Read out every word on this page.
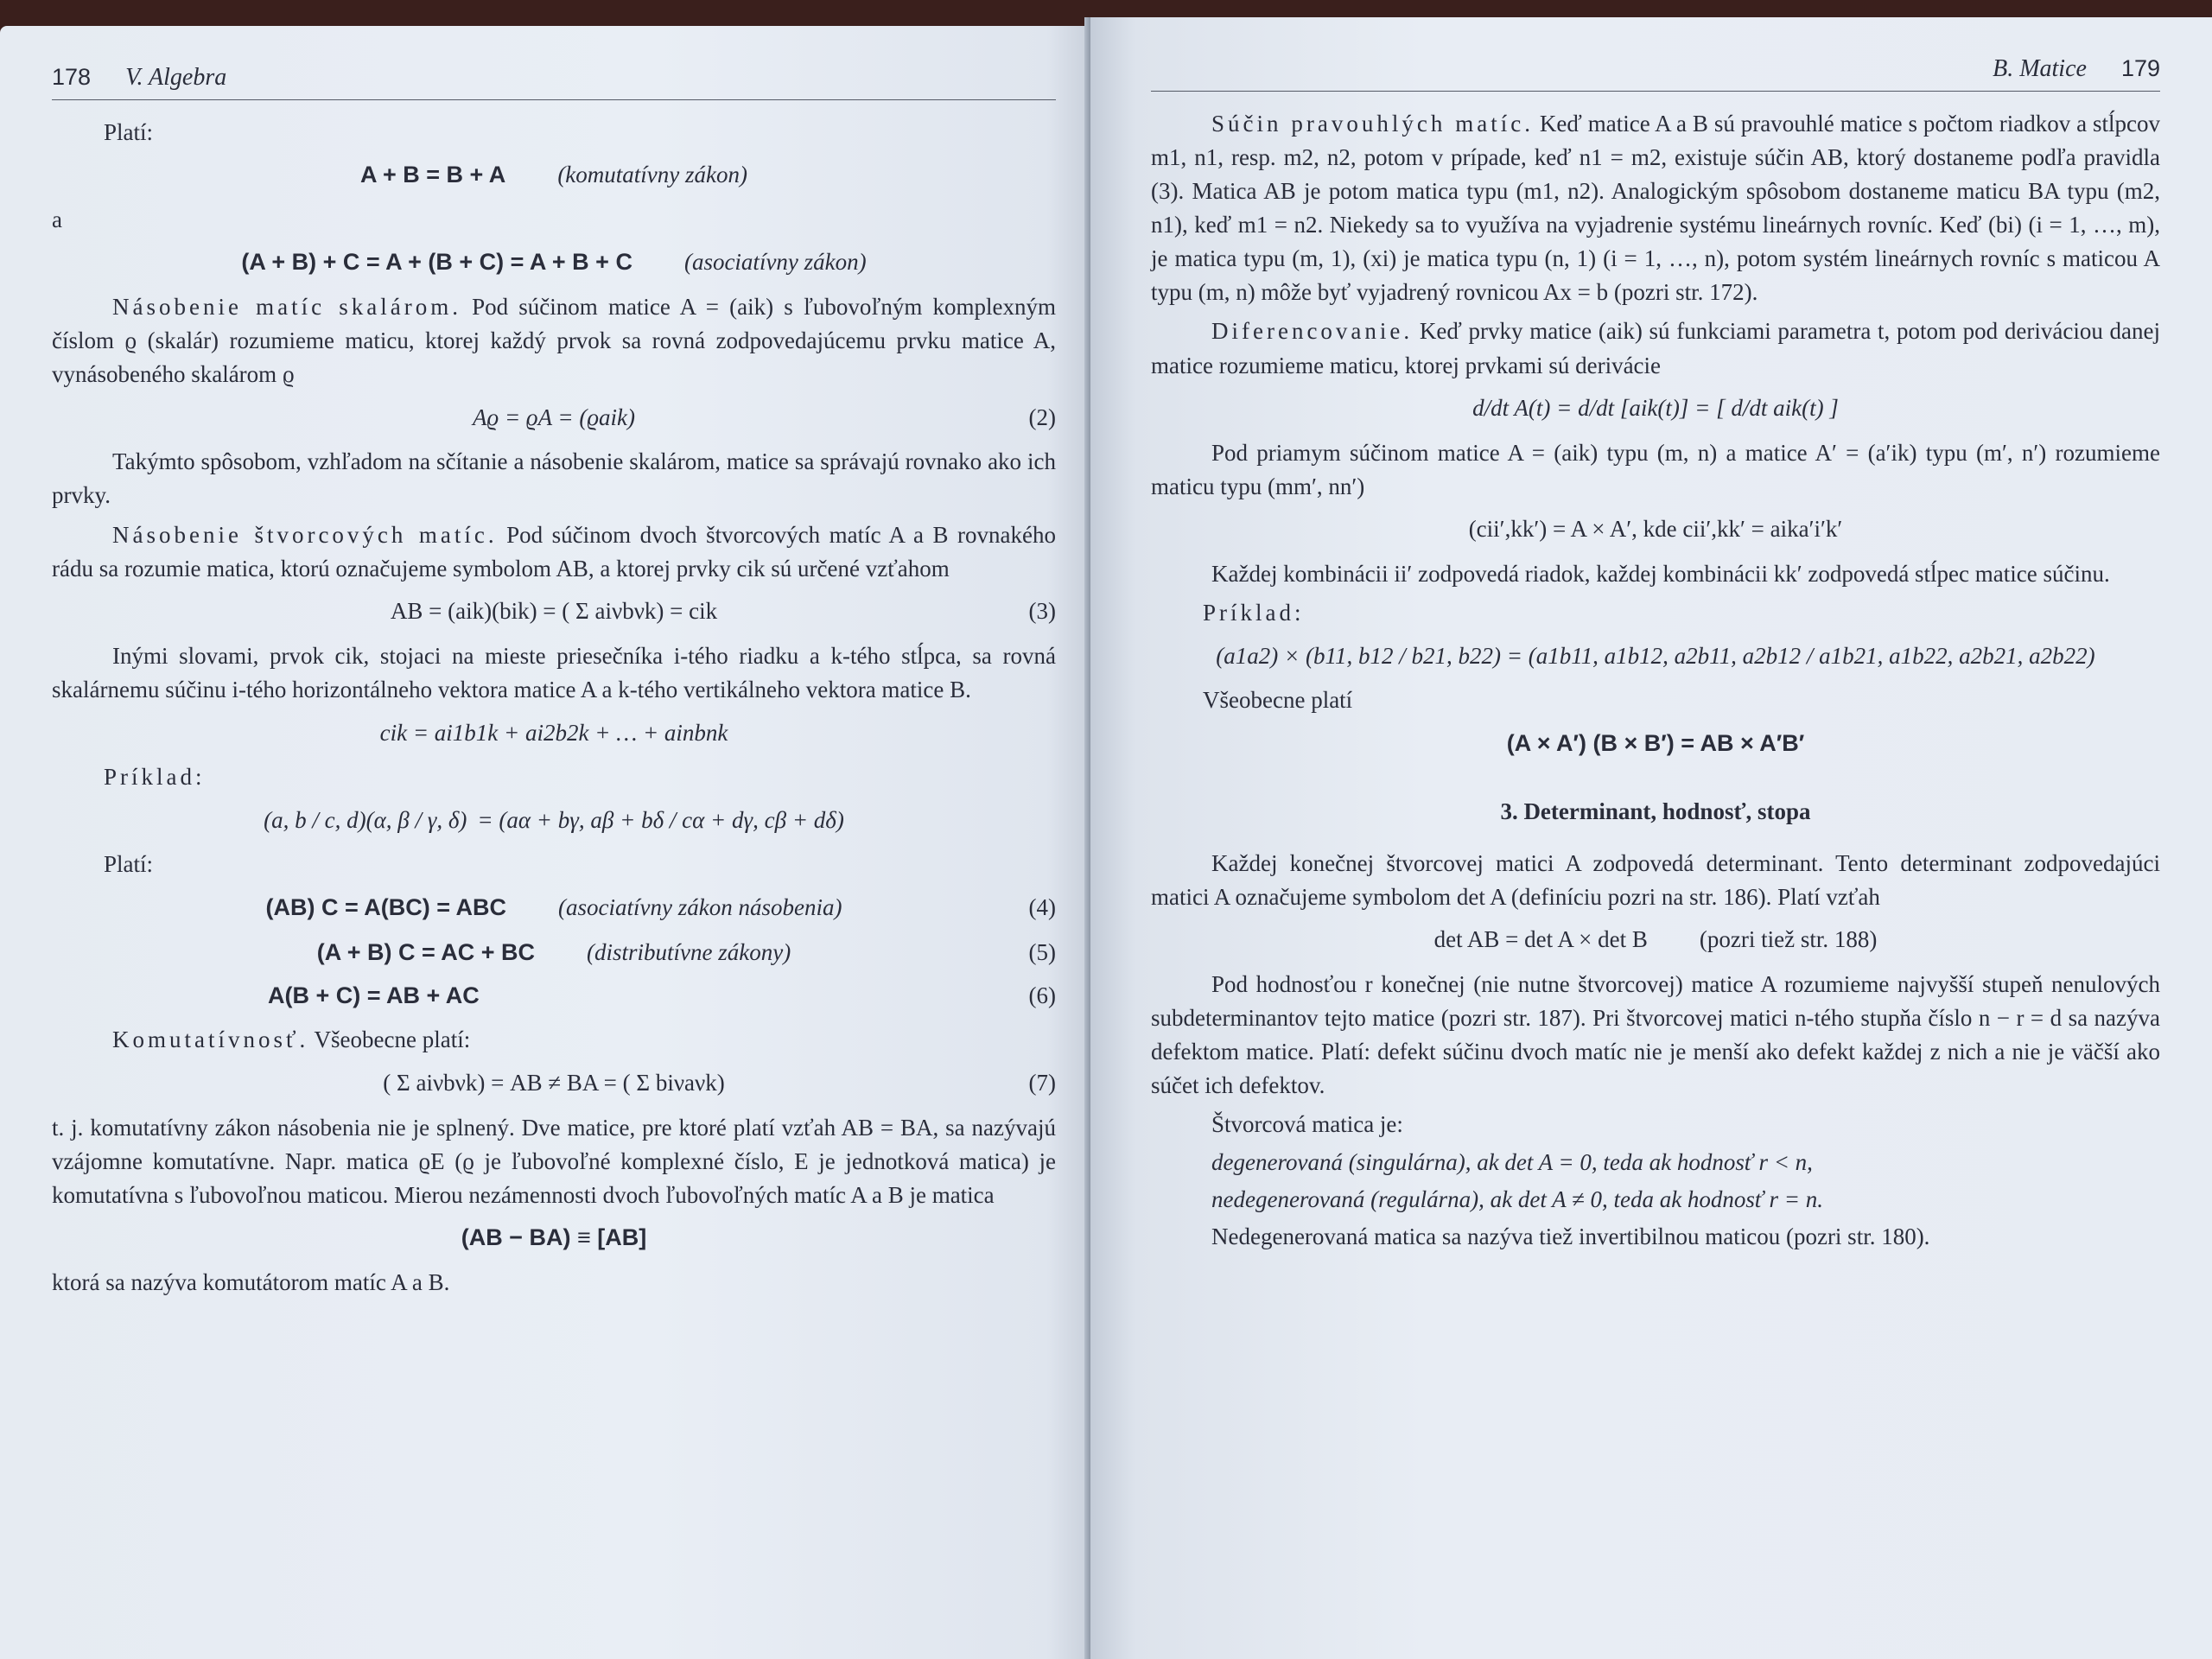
178 V. Algebra

Platí:

A + B = B + A (komutatívny zákon)

a

(A + B) + C = A + (B + C) = A + B + C (asociatívny zákon)

Násobenie matíc skalárom. Pod súčinom matice A = (aik) s ľubovoľným komplexným číslom ϱ (skalár) rozumieme maticu, ktorej každý prvok sa rovná zodpovedajúcemu prvku matice A, vynásobeného skalárom ϱ

Aϱ = ϱA = (ϱaik)	(2)

Takýmto spôsobom, vzhľadom na sčítanie a násobenie skalárom, matice sa správajú rovnako ako ich prvky.

Násobenie štvorcových matíc. Pod súčinom dvoch štvorcových matíc A a B rovnakého rádu sa rozumie matica, ktorú označujeme symbolom AB, a ktorej prvky cik sú určené vzťahom

AB = (aik)(bik) = ( Σ aiνbνk) = cik	(3)

Inými slovami, prvok cik, stojaci na mieste priesečníka i-tého riadku a k-tého stĺpca, sa rovná skalárnemu súčinu i-tého horizontálneho vektora matice A a k-tého vertikálneho vektora matice B.

cik = ai1b1k + ai2b2k + … + ainbnk

Príklad:

(a, b / c, d)(α, β / γ, δ) = (aα + bγ, aβ + bδ / cα + dγ, cβ + dδ)

Platí:

(AB) C = A(BC) = ABC (asociatívny zákon násobenia)	(4)
(A + B) C = AC + BC (distributívne zákony)	(5)
A(B + C) = AB + AC	(6)

Komutatívnosť. Všeobecne platí:

( Σ aiνbνk) = AB ≠ BA = ( Σ biνaνk)	(7)

t. j. komutatívny zákon násobenia nie je splnený. Dve matice, pre ktoré platí vzťah AB = BA, sa nazývajú vzájomne komutatívne. Napr. matica ϱE (ϱ je ľubovoľné komplexné číslo, E je jednotková matica) je komutatívna s ľubovoľnou maticou. Mierou nezámennosti dvoch ľubovoľných matíc A a B je matica

(AB − BA) ≡ [AB]

ktorá sa nazýva komutátorom matíc A a B.

B. Matice 179

Súčin pravouhlých matíc. Keď matice A a B sú pravouhlé matice s počtom riadkov a stĺpcov m1, n1, resp. m2, n2, potom v prípade, keď n1 = m2, existuje súčin AB, ktorý dostaneme podľa pravidla (3). Matica AB je potom matica typu (m1, n2). Analogickým spôsobom dostaneme maticu BA typu (m2, n1), keď m1 = n2. Niekedy sa to využíva na vyjadrenie systému lineárnych rovníc. Keď (bi) (i = 1, …, m), je matica typu (m, 1), (xi) je matica typu (n, 1) (i = 1, …, n), potom systém lineárnych rovníc s maticou A typu (m, n) môže byť vyjadrený rovnicou Ax = b (pozri str. 172).

Diferencovanie. Keď prvky matice (aik) sú funkciami parametra t, potom pod deriváciou danej matice rozumieme maticu, ktorej prvkami sú derivácie

d/dt A(t) = d/dt [aik(t)] = [ d/dt aik(t) ]

Pod priamym súčinom matice A = (aik) typu (m, n) a matice A′ = (a′ik) typu (m′, n′) rozumieme maticu typu (mm′, nn′)

(cii′,kk′) = A × A′, kde cii′,kk′ = aika′i′k′

Každej kombinácii ii′ zodpovedá riadok, každej kombinácii kk′ zodpovedá stĺpec matice súčinu.

Príklad:

(a1a2) × (b11, b12 / b21, b22) = (a1b11, a1b12, a2b11, a2b12 / a1b21, a1b22, a2b21, a2b22)

Všeobecne platí

(A × A′) (B × B′) = AB × A′B′
3. Determinant, hodnosť, stopa

Každej konečnej štvorcovej matici A zodpovedá determinant. Tento determinant zodpovedajúci matici A označujeme symbolom det A (definíciu pozri na str. 186). Platí vzťah

det AB = det A × det B (pozri tiež str. 188)

Pod hodnosťou r konečnej (nie nutne štvorcovej) matice A rozumieme najvyšší stupeň nenulových subdeterminantov tejto matice (pozri str. 187). Pri štvorcovej matici n-tého stupňa číslo n − r = d sa nazýva defektom matice. Platí: defekt súčinu dvoch matíc nie je menší ako defekt každej z nich a nie je väčší ako súčet ich defektov.

Štvorcová matica je:

degenerovaná (singulárna), ak det A = 0, teda ak hodnosť r < n,

nedegenerovaná (regulárna), ak det A ≠ 0, teda ak hodnosť r = n.

Nedegenerovaná matica sa nazýva tiež invertibilnou maticou (pozri str. 180).
